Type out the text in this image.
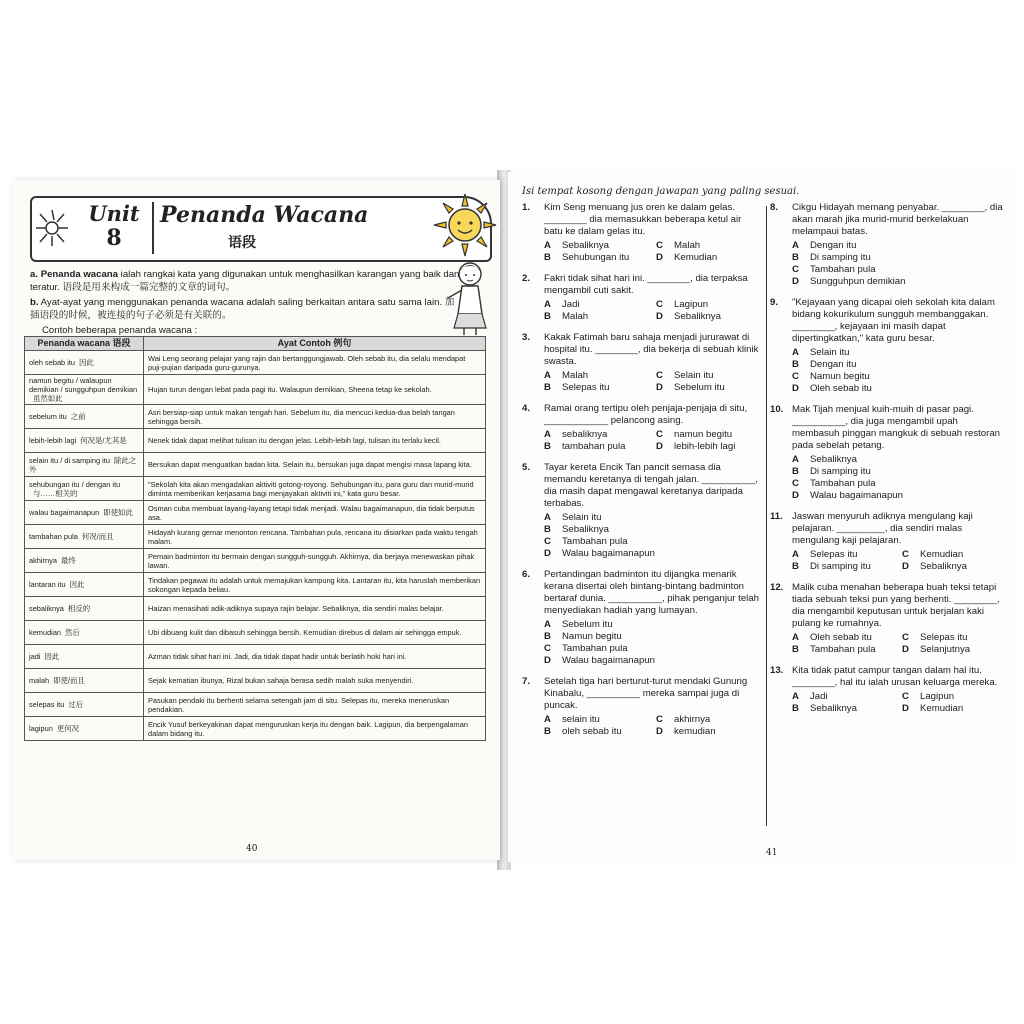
Unit
8
Penanda Wacana
语段

a. Penanda wacana ialah rangkai kata yang digunakan untuk menghasilkan karangan yang baik dan teratur. 语段是用来构成一篇完整的文章的词句。

b. Ayat-ayat yang menggunakan penanda wacana adalah saling berkaitan antara satu sama lain. 加插语段的时候，被连接的句子必须是有关联的。

Contoh beberapa penanda wacana :

Penanda wacana 语段	Ayat Contoh 例句
oleh sebab itu 因此	Wai Leng seorang pelajar yang rajin dan bertanggungjawab. Oleh sebab itu, dia selalu mendapat puji-pujian daripada guru-gurunya.
namun begitu / walaupun demikian / sungguhpun demikian虽然如此	Hujan turun dengan lebat pada pagi itu. Walaupun demikian, Sheena tetap ke sekolah.
sebelum itu 之前	Asri bersiap-siap untuk makan tengah hari. Sebelum itu, dia mencuci kedua-dua belah tangan sehingga bersih.
lebih-lebih lagi 何况是/尤其是	Nenek tidak dapat melihat tulisan itu dengan jelas. Lebih-lebih lagi, tulisan itu terlalu kecil.
selain itu / di samping itu 除此之外	Bersukan dapat menguatkan badan kita. Selain itu, bersukan juga dapat mengisi masa lapang kita.
sehubungan itu / dengan itu与……相关的	"Sekolah kita akan mengadakan aktiviti gotong-royong. Sehubungan itu, para guru dan murid-murid diminta memberikan kerjasama bagi menjayakan aktiviti ini," kata guru besar.
walau bagaimanapun 即使如此	Osman cuba membuat layang-layang tetapi tidak menjadi. Walau bagaimanapun, dia tidak berputus asa.
tambahan pula 何况/而且	Hidayah kurang gemar menonton rencana. Tambahan pula, rencana itu disiarkan pada waktu tengah malam.
akhirnya 最终	Pemain badminton itu bermain dengan sungguh-sungguh. Akhirnya, dia berjaya menewaskan pihak lawan.
lantaran itu 因此	Tindakan pegawai itu adalah untuk memajukan kampung kita. Lantaran itu, kita haruslah memberikan sokongan kepada beliau.
sebaliknya 相反的	Haizan menasihati adik-adiknya supaya rajin belajar. Sebaliknya, dia sendiri malas belajar.
kemudian 然后	Ubi dibuang kulit dan dibasuh sehingga bersih. Kemudian direbus di dalam air sehingga empuk.
jadi 因此	Azman tidak sihat hari ini. Jadi, dia tidak dapat hadir untuk berlatih hoki hari ini.
malah 即使/而且	Sejak kematian ibunya, Rizal bukan sahaja berasa sedih malah suka menyendiri.
selepas itu 过后	Pasukan pendaki itu berhenti selama setengah jam di situ. Selepas itu, mereka meneruskan pendakian.
lagipun 更何况	Encik Yusuf berkeyakinan dapat menguruskan kerja itu dengan baik. Lagipun, dia berpengalaman dalam bidang itu.
40
Isi tempat kosong dengan jawapan yang paling sesuai.
1. Kim Seng menuang jus oren ke dalam gelas. ________ dia memasukkan beberapa ketul air batu ke dalam gelas itu.

A	Sebaliknya	C	Malah
B	Sehubungan itu	D	Kemudian
2. Fakri tidak sihat hari ini. ________, dia terpaksa mengambil cuti sakit.

A	Jadi	C	Lagipun
B	Malah	D	Sebaliknya
3. Kakak Fatimah baru sahaja menjadi jururawat di hospital itu. ________, dia bekerja di sebuah klinik swasta.

A	Malah	C	Selain itu
B	Selepas itu	D	Sebelum itu
4. Ramai orang tertipu oleh penjaja-penjaja di situ, ____________ pelancong asing.

A	sebaliknya	C	namun begitu
B	tambahan pula	D	lebih-lebih lagi
5. Tayar kereta Encik Tan pancit semasa dia memandu keretanya di tengah jalan. __________, dia masih dapat mengawal keretanya daripada terbabas.

A	Selain itu
B	Sebaliknya
C	Tambahan pula
D	Walau bagaimanapun
6. Pertandingan badminton itu dijangka menarik kerana disertai oleh bintang-bintang badminton bertaraf dunia. __________, pihak penganjur telah menyediakan hadiah yang lumayan.

A	Sebelum itu
B	Namun begitu
C	Tambahan pula
D	Walau bagaimanapun
7. Setelah tiga hari berturut-turut mendaki Gunung Kinabalu, __________ mereka sampai juga di puncak.

A	selain itu	C	akhirnya
B	oleh sebab itu	D	kemudian
8. Cikgu Hidayah memang penyabar. ________, dia akan marah jika murid-murid berkelakuan melampaui batas.

A	Dengan itu
B	Di samping itu
C	Tambahan pula
D	Sungguhpun demikian
9. "Kejayaan yang dicapai oleh sekolah kita dalam bidang kokurikulum sungguh membanggakan. ________, kejayaan ini masih dapat dipertingkatkan," kata guru besar.

A	Selain itu
B	Dengan itu
C	Namun begitu
D	Oleh sebab itu
10. Mak Tijah menjual kuih-muih di pasar pagi. __________, dia juga mengambil upah membasuh pinggan mangkuk di sebuah restoran pada sebelah petang.

A	Sebaliknya
B	Di samping itu
C	Tambahan pula
D	Walau bagaimanapun
11. Jaswan menyuruh adiknya mengulang kaji pelajaran. _________, dia sendiri malas mengulang kaji pelajaran.

A	Selepas itu	C	Kemudian
B	Di samping itu	D	Sebaliknya
12. Malik cuba menahan beberapa buah teksi tetapi tiada sebuah teksi pun yang berhenti. ________, dia mengambil keputusan untuk berjalan kaki pulang ke rumahnya.

A	Oleh sebab itu	C	Selepas itu
B	Tambahan pula	D	Selanjutnya
13. Kita tidak patut campur tangan dalam hal itu. ________, hal itu ialah urusan keluarga mereka.

A	Jadi	C	Lagipun
B	Sebaliknya	D	Kemudian
41
